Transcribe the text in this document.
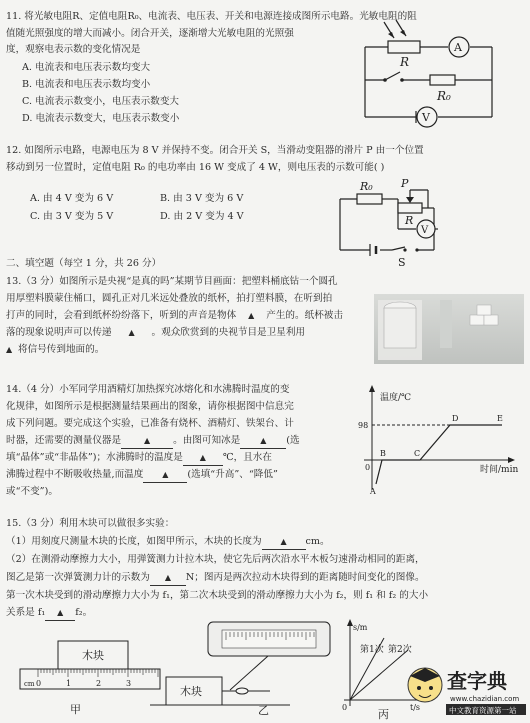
11. 将光敏电阻R、定值电阻R₀、电流表、电压表、开关和电源连接成图所示电路。光敏电阻的阻
值随光照强度的增大而减小。闭合开关，逐渐增大光敏电阻的光照强
度，观察电表示数的变化情况是
A. 电流表和电压表示数均变大
B. 电流表和电压表示数均变小
C. 电流表示数变小，电压表示数变大
D. 电流表示数变大，电压表示数变小
R
R₀
A
V
12. 如图所示电路，电源电压为 8 V 并保持不变。闭合开关 S，当滑动变阻器的滑片 P 由一个位置
移动到另一位置时，定值电阻 R₀ 的电功率由 16 W 变成了 4 W，则电压表的示数可能( )
A. 由 4 V 变为 6 V	B. 由 3 V 变为 6 V
C. 由 3 V 变为 5 V	D. 由 2 V 变为 4 V
R₀	P
R
V
S
二、填空题（每空 1 分，共 26 分）
13.（3 分）如图所示是央视“是真的吗”某期节目画面：把塑料桶底钻一个圆孔
用厚塑料膜蒙住桶口，圆孔正对几米远处叠放的纸杯，拍打塑料膜，在听到拍
打声的同时，会看到纸杯纷纷落下，听到的声音是物体 ▲ 产生的。纸杯被击
落的现象说明声可以传递 ▲ 。观众欣赏到的央视节目是卫星利用
▲ 将信号传到地面的。
14.（4 分）小军同学用酒精灯加热探究冰熔化和水沸腾时温度的变
化规律，如图所示是根据测量结果画出的图象，请你根据图中信息完
成下列问题。要完成这个实验，已准备有烧杯、酒精灯、铁架台、计
时器，还需要的测量仪器是	▲ 。由图可知冰是 ▲ (选
填“晶体”或“非晶体”)；水沸腾时的温度是 ▲ ℃，且水在
沸腾过程中不断吸收热量,而温度 ▲ (选填“升高”、“降低”
或“不变”)。
温度/℃
时间/min
98
0
A
B	C
D	E
15.（3 分）利用木块可以做很多实验：
（1）用刻度尺测量木块的长度，如图甲所示，木块的长度为 ▲ cm。
（2）在测滑动摩擦力大小，用弹簧测力计拉木块，使它先后两次沿水平木板匀速滑动相同的距离，
图乙是第一次弹簧测力计的示数为 ▲ N；图丙是两次拉动木块得到的距离随时间变化的图像。
第一次木块受到的滑动摩擦力大小为 f₁，第二次木块受到的滑动摩擦力大小为 f₂，则 f₁ 和 f₂ 的大小
关系是 f₁ ▲ f₂。
木块
0	1	2	3
cm
甲
木块
乙
s/m
第1次 第2次
t/s
0
丙
查字典
www.chazidian.com
中文教育资源第一站
